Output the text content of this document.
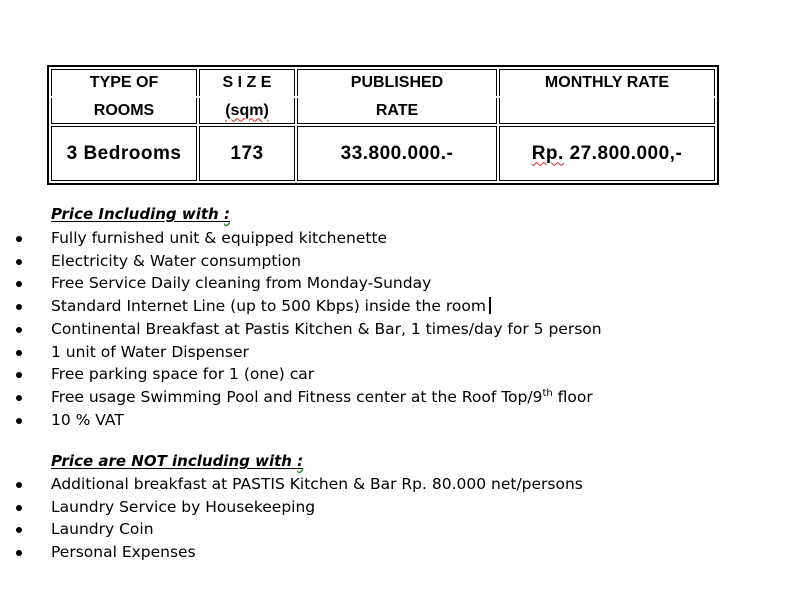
TYPE OF	S I Z E	PUBLISHED	MONTHLY RATE
ROOMS	(sqm)	RATE	
3 Bedrooms	173	33.800.000.-	Rp. 27.800.000,-
Price Including with :
Fully furnished unit & equipped kitchenette
Electricity & Water consumption
Free Service Daily cleaning from Monday-Sunday
Standard Internet Line (up to 500 Kbps) inside the room
Continental Breakfast at Pastis Kitchen & Bar, 1 times/day for 5 person
1 unit of Water Dispenser
Free parking space for 1 (one) car
Free usage Swimming Pool and Fitness center at the Roof Top/9th floor
10 % VAT
Price are NOT including with :
Additional breakfast at PASTIS Kitchen & Bar Rp. 80.000 net/persons
Laundry Service by Housekeeping
Laundry Coin
Personal Expenses
